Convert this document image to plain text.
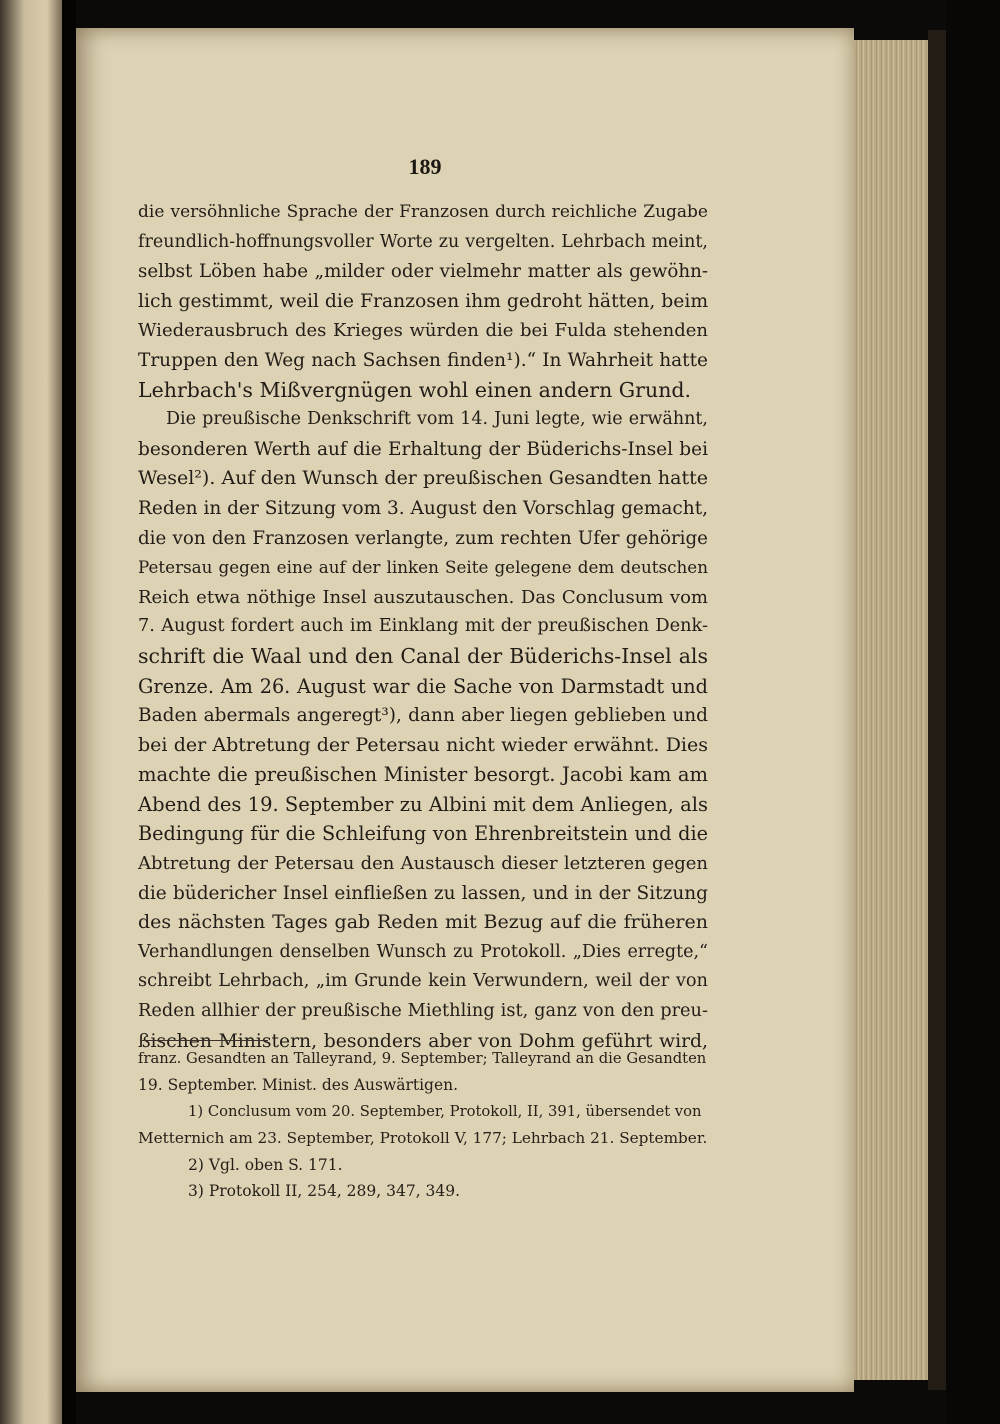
189
die versöhnliche Sprache der Franzosen durch reichliche Zugabe
freundlich-hoffnungsvoller Worte zu vergelten. Lehrbach meint,
selbst Löben habe „milder oder vielmehr matter als gewöhn-
lich gestimmt, weil die Franzosen ihm gedroht hätten, beim
Wiederausbruch des Krieges würden die bei Fulda stehenden
Truppen den Weg nach Sachsen finden¹).“ In Wahrheit hatte
Lehrbach's Mißvergnügen wohl einen andern Grund.
Die preußische Denkschrift vom 14. Juni legte, wie erwähnt,
besonderen Werth auf die Erhaltung der Büderichs-Insel bei
Wesel²). Auf den Wunsch der preußischen Gesandten hatte
Reden in der Sitzung vom 3. August den Vorschlag gemacht,
die von den Franzosen verlangte, zum rechten Ufer gehörige
Petersau gegen eine auf der linken Seite gelegene dem deutschen
Reich etwa nöthige Insel auszutauschen. Das Conclusum vom
7. August fordert auch im Einklang mit der preußischen Denk-
schrift die Waal und den Canal der Büderichs-Insel als
Grenze. Am 26. August war die Sache von Darmstadt und
Baden abermals angeregt³), dann aber liegen geblieben und
bei der Abtretung der Petersau nicht wieder erwähnt. Dies
machte die preußischen Minister besorgt. Jacobi kam am
Abend des 19. September zu Albini mit dem Anliegen, als
Bedingung für die Schleifung von Ehrenbreitstein und die
Abtretung der Petersau den Austausch dieser letzteren gegen
die büdericher Insel einfließen zu lassen, und in der Sitzung
des nächsten Tages gab Reden mit Bezug auf die früheren
Verhandlungen denselben Wunsch zu Protokoll. „Dies erregte,“
schreibt Lehrbach, „im Grunde kein Verwundern, weil der von
Reden allhier der preußische Miethling ist, ganz von den preu-
ßischen Ministern, besonders aber von Dohm geführt wird,
franz. Gesandten an Talleyrand, 9. September; Talleyrand an die Gesandten
19. September. Minist. des Auswärtigen.
1) Conclusum vom 20. September, Protokoll, II, 391, übersendet von
Metternich am 23. September, Protokoll V, 177; Lehrbach 21. September.
2) Vgl. oben S. 171.
3) Protokoll II, 254, 289, 347, 349.
